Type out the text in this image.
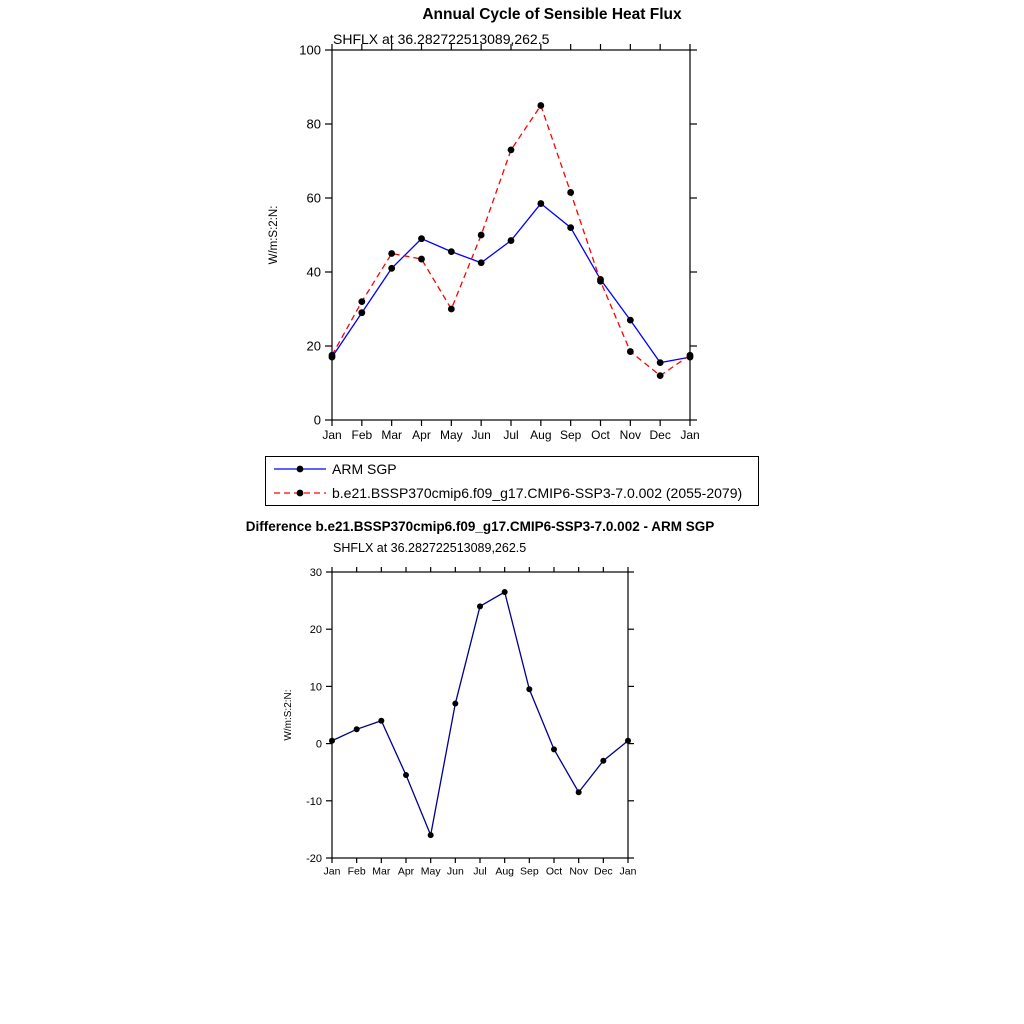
Annual Cycle of Sensible Heat Flux
SHFLX at 36.282722513089,262.5
0
20
40
60
80
100
Jan Feb Mar Apr May Jun Jul Aug Sep Oct Nov Dec Jan
W/m:S:2:N:
ARM SGP
b.e21.BSSP370cmip6.f09_g17.CMIP6-SSP3-7.0.002 (2055-2079)
Difference b.e21.BSSP370cmip6.f09_g17.CMIP6-SSP3-7.0.002 - ARM SGP
SHFLX at 36.282722513089,262.5
-20
-10
0
10
20
30
Jan Feb Mar Apr May Jun Jul Aug Sep Oct Nov Dec Jan
W/m:S:2:N:
